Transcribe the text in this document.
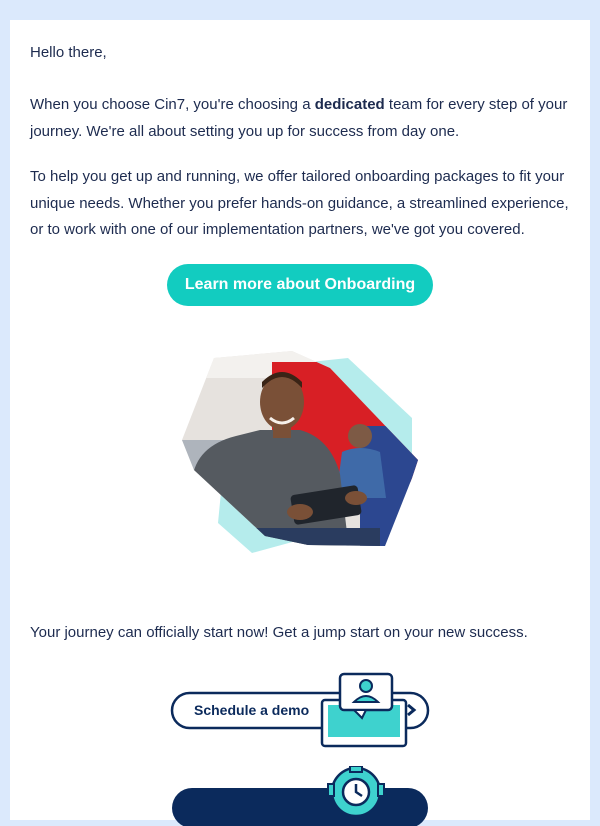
Hello there,

When you choose Cin7, you're choosing a dedicated team for every step of your journey. We're all about setting you up for success from day one.

To help you get up and running, we offer tailored onboarding packages to fit your unique needs. Whether you prefer hands-on guidance, a streamlined experience, or to work with one of our implementation partners, we've got you covered.

Learn more about Onboarding

Your journey can officially start now! Get a jump start on your new success.

Schedule a demo
